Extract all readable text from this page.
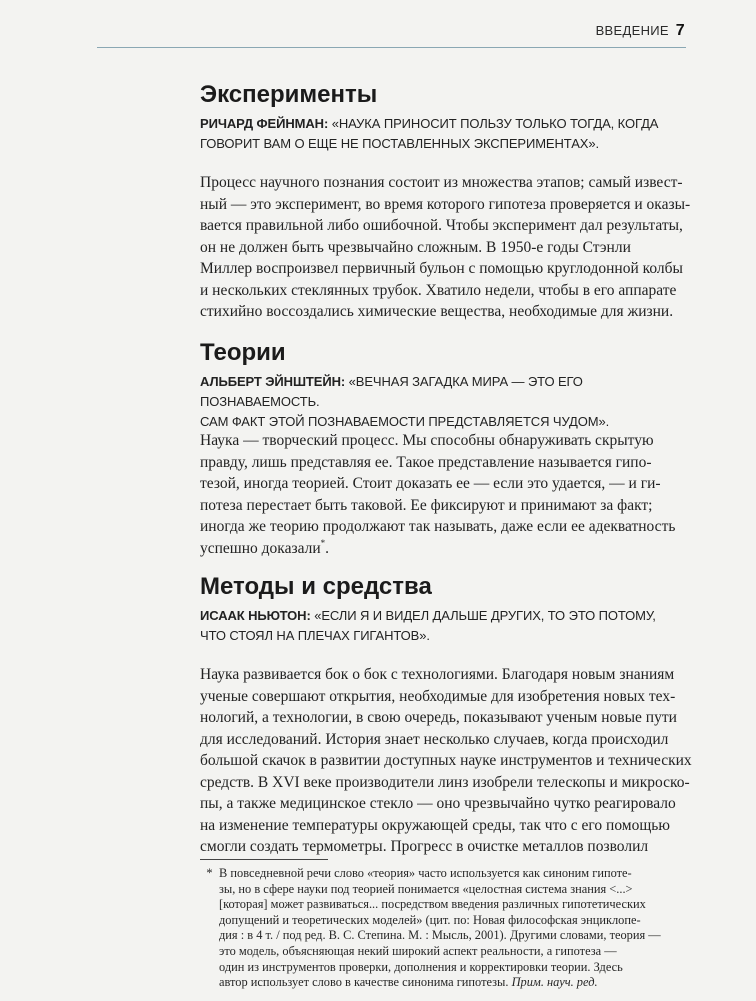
ВВЕДЕНИЕ 7
Эксперименты

РИЧАРД ФЕЙНМАН: «НАУКА ПРИНОСИТ ПОЛЬЗУ ТОЛЬКО ТОГДА, КОГДА
ГОВОРИТ ВАМ О ЕЩЕ НЕ ПОСТАВЛЕННЫХ ЭКСПЕРИМЕНТАХ».

Процесс научного познания состоит из множества этапов; самый извест-
ный — это эксперимент, во время которого гипотеза проверяется и оказы-
вается правильной либо ошибочной. Чтобы эксперимент дал результаты,
он не должен быть чрезвычайно сложным. В 1950-е годы Стэнли
Миллер воспроизвел первичный бульон с помощью круглодонной колбы
и нескольких стеклянных трубок. Хватило недели, чтобы в его аппарате
стихийно воссоздались химические вещества, необходимые для жизни.
Теории

АЛЬБЕРТ ЭЙНШТЕЙН: «ВЕЧНАЯ ЗАГАДКА МИРА — ЭТО ЕГО ПОЗНАВАЕМОСТЬ.
САМ ФАКТ ЭТОЙ ПОЗНАВАЕМОСТИ ПРЕДСТАВЛЯЕТСЯ ЧУДОМ».

Наука — творческий процесс. Мы способны обнаруживать скрытую
правду, лишь представляя ее. Такое представление называется гипо-
тезой, иногда теорией. Стоит доказать ее — если это удается, — и ги-
потеза перестает быть таковой. Ее фиксируют и принимают за факт;
иногда же теорию продолжают так называть, даже если ее адекватность
успешно доказали*.
Методы и средства

ИСААК НЬЮТОН: «ЕСЛИ Я И ВИДЕЛ ДАЛЬШЕ ДРУГИХ, ТО ЭТО ПОТОМУ,
ЧТО СТОЯЛ НА ПЛЕЧАХ ГИГАНТОВ».

Наука развивается бок о бок с технологиями. Благодаря новым знаниям
ученые совершают открытия, необходимые для изобретения новых тех-
нологий, а технологии, в свою очередь, показывают ученым новые пути
для исследований. История знает несколько случаев, когда происходил
большой скачок в развитии доступных науке инструментов и технических
средств. В XVI веке производители линз изобрели телескопы и микроско-
пы, а также медицинское стекло — оно чрезвычайно чутко реагировало
на изменение температуры окружающей среды, так что с его помощью
смогли создать термометры. Прогресс в очистке металлов позволил
* В повседневной речи слово «теория» часто используется как синоним гипоте-
зы, но в сфере науки под теорией понимается «целостная система знания <...>
[которая] может развиваться... посредством введения различных гипотетических
допущений и теоретических моделей» (цит. по: Новая философская энциклопе-
дия : в 4 т. / под ред. В. С. Степина. М. : Мысль, 2001). Другими словами, теория —
это модель, объясняющая некий широкий аспект реальности, а гипотеза —
один из инструментов проверки, дополнения и корректировки теории. Здесь
автор использует слово в качестве синонима гипотезы. Прим. науч. ред.
